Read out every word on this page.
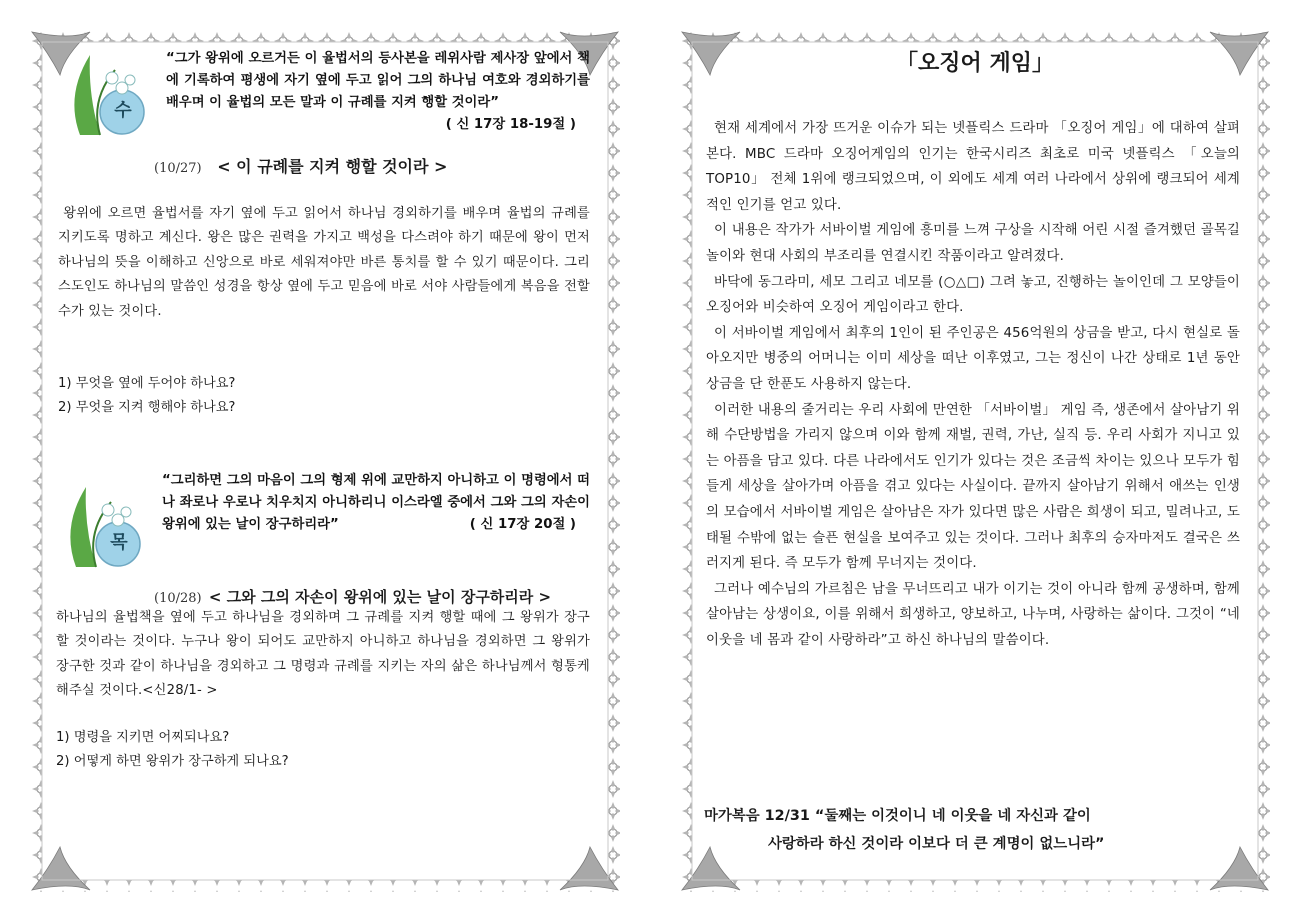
수
“그가 왕위에 오르거든 이 율법서의 등사본을 레위사람 제사장 앞에서 책에 기록하여 평생에 자기 옆에 두고 읽어 그의 하나님 여호와 경외하기를 배우며 이 율법의 모든 말과 이 규례를 지켜 행할 것이라”
( 신 17장 18-19절 )
(10/27) < 이 규례를 지켜 행할 것이라 >

왕위에 오르면 율법서를 자기 옆에 두고 읽어서 하나님 경외하기를 배우며 율법의 규례를 지키도록 명하고 계신다. 왕은 많은 권력을 가지고 백성을 다스려야 하기 때문에 왕이 먼저 하나님의 뜻을 이해하고 신앙으로 바로 세워져야만 바른 통치를 할 수 있기 때문이다. 그리스도인도 하나님의 말씀인 성경을 항상 옆에 두고 믿음에 바로 서야 사람들에게 복음을 전할 수가 있는 것이다.

1) 무엇을 옆에 두어야 하나요?
2) 무엇을 지켜 행해야 하나요?
목
“그리하면 그의 마음이 그의 형제 위에 교만하지 아니하고 이 명령에서 떠나 좌로나 우로나 치우치지 아니하리니 이스라엘 중에서 그와 그의 자손이 왕위에 있는 날이 장구하리라”	( 신 17장 20절 )
(10/28) < 그와 그의 자손이 왕위에 있는 날이 장구하리라 >

하나님의 율법책을 옆에 두고 하나님을 경외하며 그 규례를 지켜 행할 때에 그 왕위가 장구할 것이라는 것이다. 누구나 왕이 되어도 교만하지 아니하고 하나님을 경외하면 그 왕위가 장구한 것과 같이 하나님을 경외하고 그 명령과 규례를 지키는 자의 삶은 하나님께서 형통케 해주실 것이다.<신28/1- >

1) 명령을 지키면 어찌되나요?
2) 어떻게 하면 왕위가 장구하게 되나요?
「오징어 게임」

현재 세계에서 가장 뜨거운 이슈가 되는 넷플릭스 드라마 「오징어 게임」에 대하여 살펴본다. MBC 드라마 오징어게임의 인기는 한국시리즈 최초로 미국 넷플릭스 「오늘의 TOP10」 전체 1위에 랭크되었으며, 이 외에도 세계 여러 나라에서 상위에 랭크되어 세계적인 인기를 얻고 있다.

이 내용은 작가가 서바이벌 게임에 흥미를 느껴 구상을 시작해 어린 시절 즐겨했던 골목길 놀이와 현대 사회의 부조리를 연결시킨 작품이라고 알려졌다.

바닥에 동그라미, 세모 그리고 네모를 (○△□) 그려 놓고, 진행하는 놀이인데 그 모양들이 오징어와 비슷하여 오징어 게임이라고 한다.

이 서바이벌 게임에서 최후의 1인이 된 주인공은 456억원의 상금을 받고, 다시 현실로 돌아오지만 병중의 어머니는 이미 세상을 떠난 이후였고, 그는 정신이 나간 상태로 1년 동안 상금을 단 한푼도 사용하지 않는다.

이러한 내용의 줄거리는 우리 사회에 만연한 「서바이벌」 게임 즉, 생존에서 살아남기 위해 수단방법을 가리지 않으며 이와 함께 재벌, 권력, 가난, 실직 등. 우리 사회가 지니고 있는 아픔을 담고 있다. 다른 나라에서도 인기가 있다는 것은 조금씩 차이는 있으나 모두가 힘들게 세상을 살아가며 아픔을 겪고 있다는 사실이다. 끝까지 살아남기 위해서 애쓰는 인생의 모습에서 서바이벌 게임은 살아남은 자가 있다면 많은 사람은 희생이 되고, 밀려나고, 도태될 수밖에 없는 슬픈 현실을 보여주고 있는 것이다. 그러나 최후의 승자마저도 결국은 쓰러지게 된다. 즉 모두가 함께 무너지는 것이다.

그러나 예수님의 가르침은 남을 무너뜨리고 내가 이기는 것이 아니라 함께 공생하며, 함께 살아남는 상생이요, 이를 위해서 희생하고, 양보하고, 나누며, 사랑하는 삶이다. 그것이 “네 이웃을 네 몸과 같이 사랑하라”고 하신 하나님의 말씀이다.

마가복음 12/31 “둘째는 이것이니 네 이웃을 네 자신과 같이
사랑하라 하신 것이라 이보다 더 큰 계명이 없느니라”
